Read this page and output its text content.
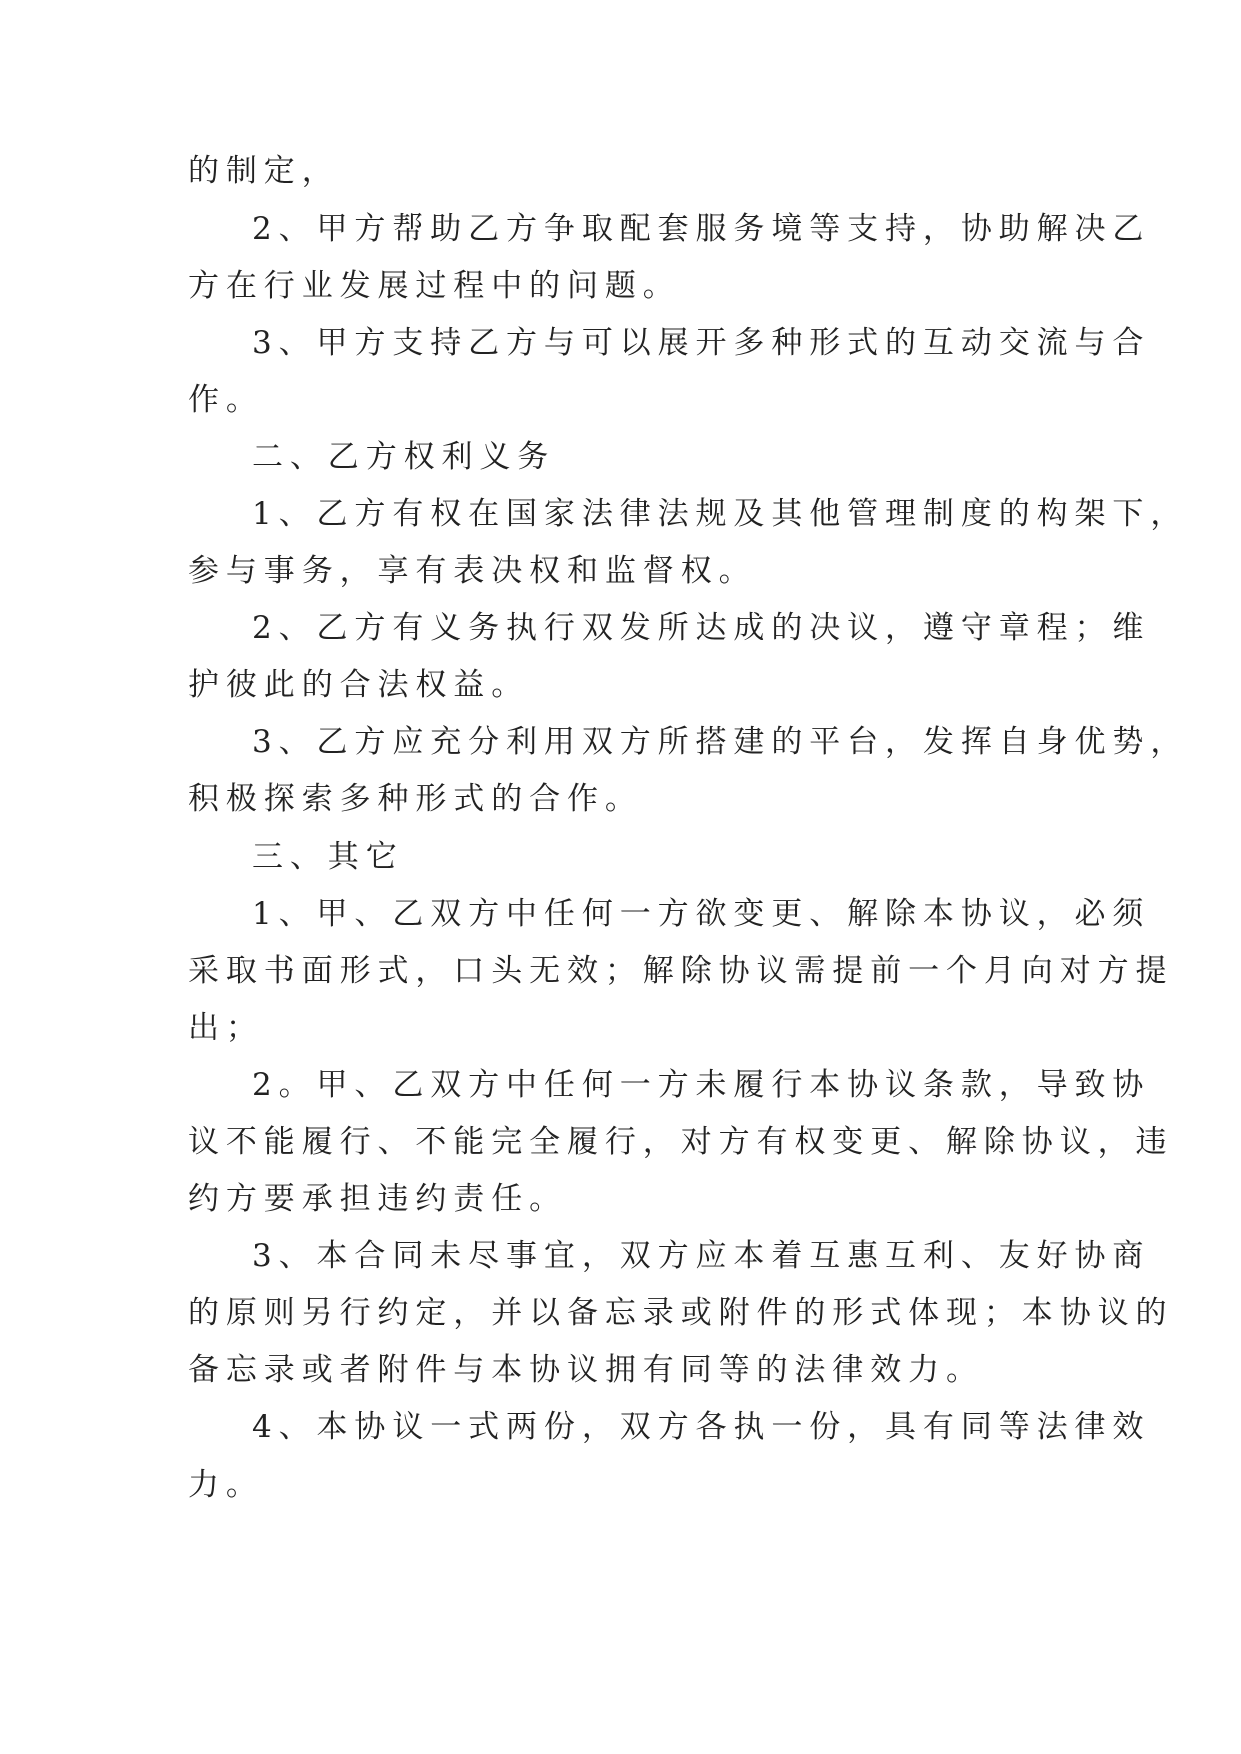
的制定，
2、甲方帮助乙方争取配套服务境等支持，协助解决乙
方在行业发展过程中的问题。
3、甲方支持乙方与可以展开多种形式的互动交流与合
作。
二、乙方权利义务
1、乙方有权在国家法律法规及其他管理制度的构架下，
参与事务，享有表决权和监督权。
2、乙方有义务执行双发所达成的决议，遵守章程；维
护彼此的合法权益。
3、乙方应充分利用双方所搭建的平台，发挥自身优势，
积极探索多种形式的合作。
三、其它
1、甲、乙双方中任何一方欲变更、解除本协议，必须
采取书面形式，口头无效；解除协议需提前一个月向对方提
出；
2。甲、乙双方中任何一方未履行本协议条款，导致协
议不能履行、不能完全履行，对方有权变更、解除协议，违
约方要承担违约责任。
3、本合同未尽事宜，双方应本着互惠互利、友好协商
的原则另行约定，并以备忘录或附件的形式体现；本协议的
备忘录或者附件与本协议拥有同等的法律效力。
4、本协议一式两份，双方各执一份，具有同等法律效
力。
